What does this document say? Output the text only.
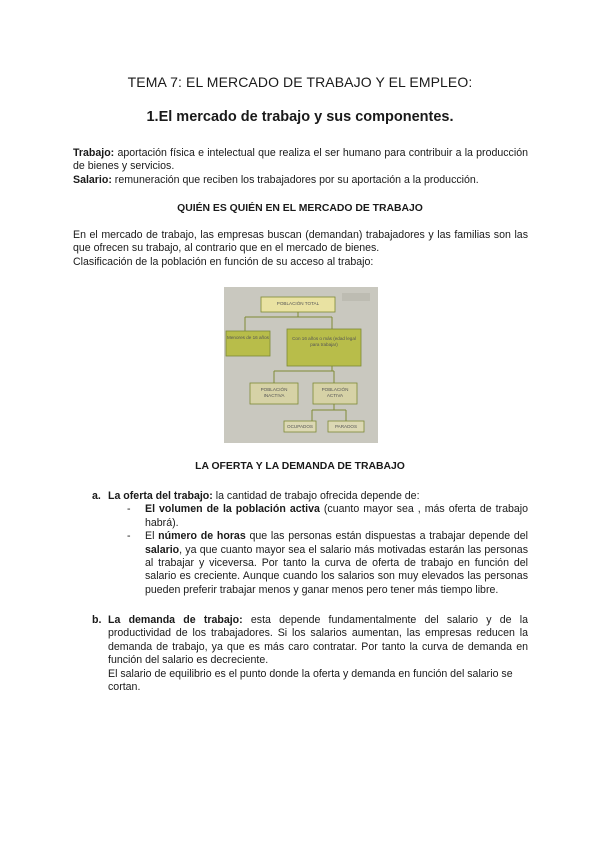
TEMA 7: EL MERCADO DE TRABAJO Y EL EMPLEO:
1.El mercado de trabajo y sus componentes.
Trabajo: aportación física e intelectual que realiza el ser humano para contribuir a la producción de bienes y servicios.
Salario: remuneración que reciben los trabajadores por su aportación a la producción.
QUIÉN ES QUIÉN EN EL MERCADO DE TRABAJO
En el mercado de trabajo, las empresas buscan (demandan) trabajadores y las familias son las que ofrecen su trabajo, al contrario que en el mercado de bienes.
Clasificación de la población en función de su acceso al trabajo:
POBLACIÓN TOTAL
Menores de 16 años	Con 16 años o más (edad legal para trabajar)
POBLACIÓN INACTIVA
POBLACIÓN ACTIVA
OCUPADOS	PARADOS
LA OFERTA Y LA DEMANDA DE TRABAJO
a. La oferta del trabajo: la cantidad de trabajo ofrecida depende de:
- El volumen de la población activa (cuanto mayor sea , más oferta de trabajo habrá).
- El número de horas que las personas están dispuestas a trabajar depende del salario, ya que cuanto mayor sea el salario más motivadas estarán las personas al trabajar y viceversa. Por tanto la curva de oferta de trabajo en función del salario es creciente. Aunque cuando los salarios son muy elevados las personas pueden preferir trabajar menos y ganar menos pero tener más tiempo libre.
b. La demanda de trabajo: esta depende fundamentalmente del salario y de la productividad de los trabajadores. Si los salarios aumentan, las empresas reducen la demanda de trabajo, ya que es más caro contratar. Por tanto la curva de demanda en función del salario es decreciente.
El salario de equilibrio es el punto donde la oferta y demanda en función del salario se cortan.
